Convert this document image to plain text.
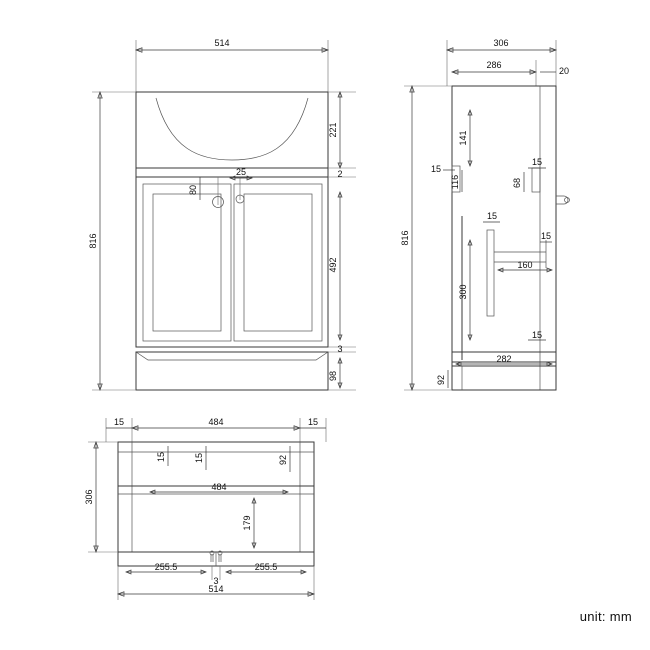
514
816
221
2
492
3
98
80
25
306
286
20
816
141
116
15
15
68
15
15
160
300
15
282
92
15	484	15
306
15	15	92
484
179
255.5	255.5
3
514
unit: mm
